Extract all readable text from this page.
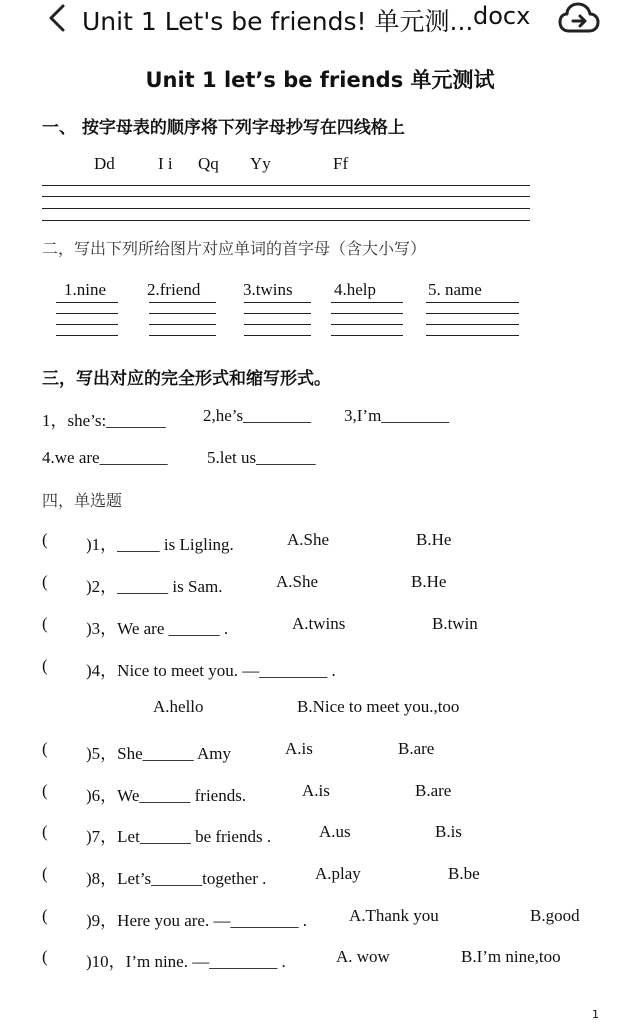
Unit 1 Let's be friends! 单元测... docx
Unit 1 let’s be friends 单元测试
一、 按字母表的顺序将下列字母抄写在四线格上
Dd	I i Qq Yy	Ff
二，写出下列所给图片对应单词的首字母（含大小写）
1.nine 2.friend	3.twins 4.help	5. name
三，写出对应的完全形式和缩写形式。
1，she’s:_______ 2,he’s________ 3,I’m________
4.we are________ 5.let us_______
四，单选题
( )1，_____ is Ligling.	A.She	B.He
( )2，______ is Sam.	A.She	B.He
( )3，We are ______ .	A.twins	B.twin
( )4，Nice to meet you. —________ .
A.hello	B.Nice to meet you.,too
( )5，She______ Amy	A.is	B.are
( )6，We______ friends.	A.is	B.are
( )7，Let______ be friends .	A.us	B.is
( )8，Let’s______together .	A.play	B.be
( )9，Here you are. —________ . A.Thank you	B.good
( )10，I’m nine. —________ .	A. wow	B.I’m nine,too
1
